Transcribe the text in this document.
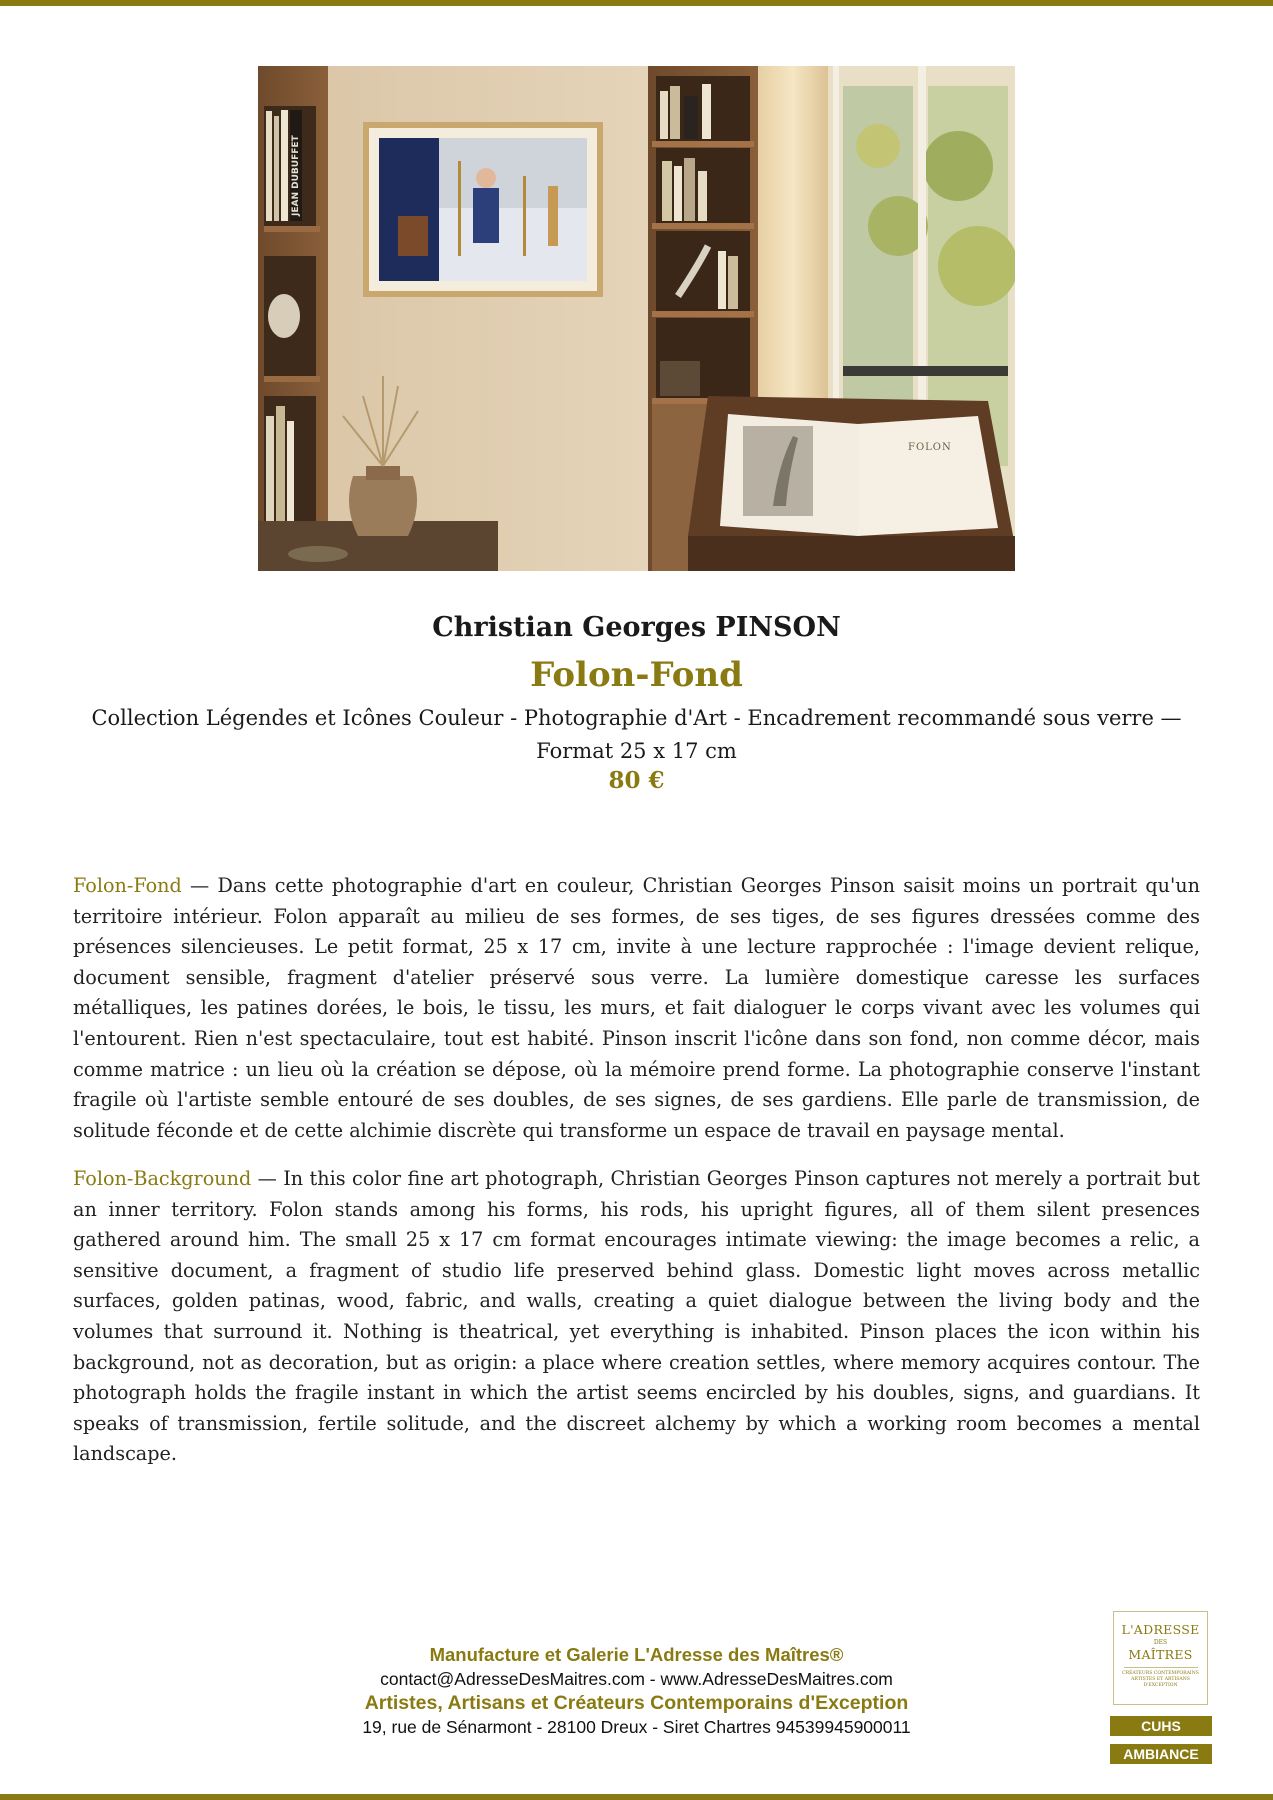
JEAN DUBUFFET
FOLON
Christian Georges PINSON
Folon-Fond
Collection Légendes et Icônes Couleur - Photographie d'Art - Encadrement recommandé sous verre — Format 25 x 17 cm
80 €

Folon-Fond — Dans cette photographie d'art en couleur, Christian Georges Pinson saisit moins un portrait qu'un territoire intérieur. Folon apparaît au milieu de ses formes, de ses tiges, de ses figures dressées comme des présences silencieuses. Le petit format, 25 x 17 cm, invite à une lecture rapprochée : l'image devient relique, document sensible, fragment d'atelier préservé sous verre. La lumière domestique caresse les surfaces métalliques, les patines dorées, le bois, le tissu, les murs, et fait dialoguer le corps vivant avec les volumes qui l'entourent. Rien n'est spectaculaire, tout est habité. Pinson inscrit l'icône dans son fond, non comme décor, mais comme matrice : un lieu où la création se dépose, où la mémoire prend forme. La photographie conserve l'instant fragile où l'artiste semble entouré de ses doubles, de ses signes, de ses gardiens. Elle parle de transmission, de solitude féconde et de cette alchimie discrète qui transforme un espace de travail en paysage mental.

Folon-Background — In this color fine art photograph, Christian Georges Pinson captures not merely a portrait but an inner territory. Folon stands among his forms, his rods, his upright figures, all of them silent presences gathered around him. The small 25 x 17 cm format encourages intimate viewing: the image becomes a relic, a sensitive document, a fragment of studio life preserved behind glass. Domestic light moves across metallic surfaces, golden patinas, wood, fabric, and walls, creating a quiet dialogue between the living body and the volumes that surround it. Nothing is theatrical, yet everything is inhabited. Pinson places the icon within his background, not as decoration, but as origin: a place where creation settles, where memory acquires contour. The photograph holds the fragile instant in which the artist seems encircled by his doubles, signs, and guardians. It speaks of transmission, fertile solitude, and the discreet alchemy by which a working room becomes a mental landscape.

Manufacture et Galerie L'Adresse des Maîtres®
contact@AdresseDesMaitres.com - www.AdresseDesMaitres.com
Artistes, Artisans et Créateurs Contemporains d'Exception
19, rue de Sénarmont - 28100 Dreux - Siret Chartres 94539945900011
L'ADRESSE
DES
MAÎTRES
CRÉATEURS CONTEMPORAINS ARTISTES ET ARTISANS D'EXCEPTION
CUHS
AMBIANCE
